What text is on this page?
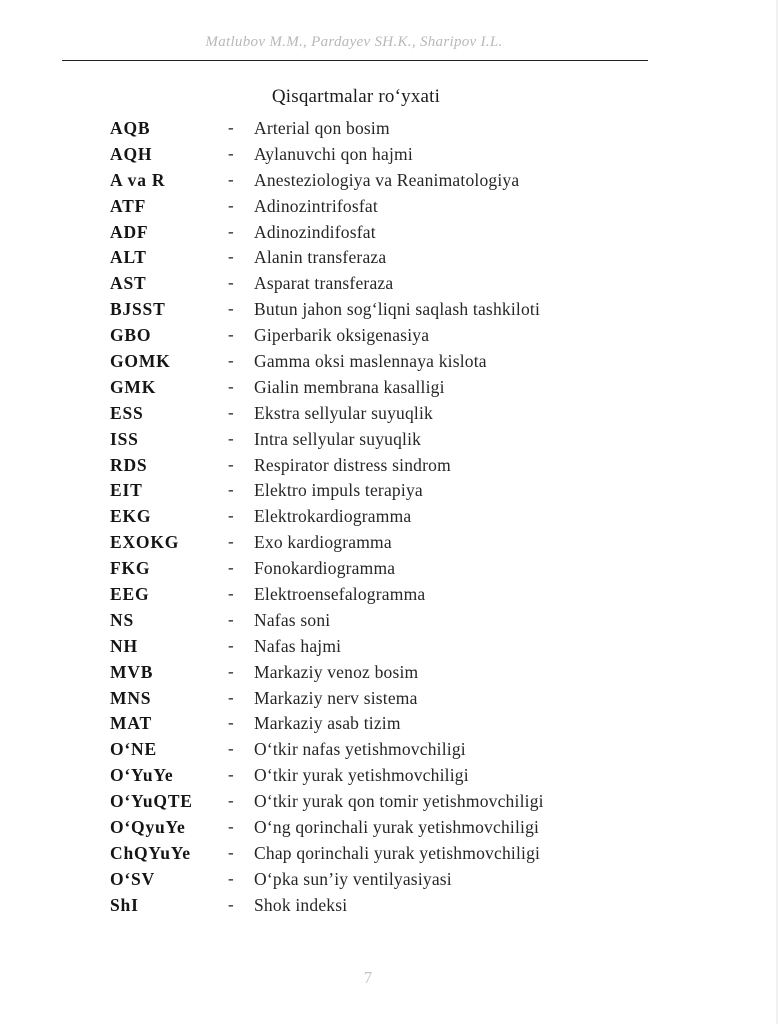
Matlubov M.M., Pardayev SH.K., Sharipov I.L.
Qisqartmalar ro‘yxati
AQB	- Arterial qon bosim
AQH	- Aylanuvchi qon hajmi
A va R	- Anesteziologiya va Reanimatologiya
ATF	- Adinozintrifosfat
ADF	- Adinozindifosfat
ALT	- Alanin transferaza
AST	- Asparat transferaza
BJSST	- Butun jahon sog‘liqni saqlash tashkiloti
GBO	- Giperbarik oksigenasiya
GOMK	- Gamma oksi maslennaya kislota
GMK	- Gialin membrana kasalligi
ESS	- Ekstra sellyular suyuqlik
ISS	- Intra sellyular suyuqlik
RDS	- Respirator distress sindrom
EIT	- Elektro impuls terapiya
EKG	- Elektrokardiogramma
EXOKG	- Exo kardiogramma
FKG	- Fonokardiogramma
EEG	- Elektroensefalogramma
NS	- Nafas soni
NH	- Nafas hajmi
MVB	- Markaziy venoz bosim
MNS	- Markaziy nerv sistema
MAT	- Markaziy asab tizim
O‘NE	- O‘tkir nafas yetishmovchiligi
O‘YuYe	- O‘tkir yurak yetishmovchiligi
O‘YuQTE - O‘tkir yurak qon tomir yetishmovchiligi
O‘QyuYe - O‘ng qorinchali yurak yetishmovchiligi
ChQYuYe - Chap qorinchali yurak yetishmovchiligi
O‘SV	- O‘pka sun’iy ventilyasiyasi
ShI	- Shok indeksi
7
